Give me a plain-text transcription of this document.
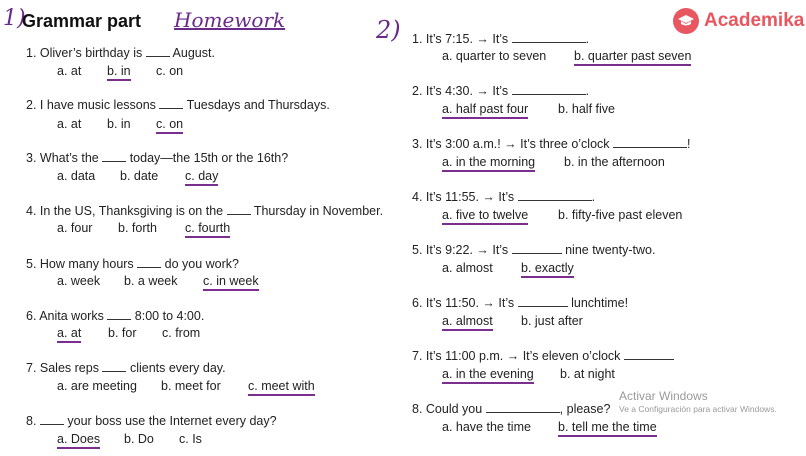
1)
Grammar part Homework	2)	Academika
1. Oliver’s birthday is August.
a. at b. in c. on
2. I have music lessons Tuesdays and Thursdays.
a. at b. in c. on
3. What’s the today—the 15th or the 16th?
a. data b. date c. day
4. In the US, Thanksgiving is on the Thursday in November.
a. four b. forth c. fourth
5. How many hours do you work?
a. week b. a week c. in week
6. Anita works 8:00 to 4:00.
a. at b. for c. from
7. Sales reps clients every day.
a. are meeting b. meet for c. meet with
8. your boss use the Internet every day?
a. Does b. Do c. Is
1. It’s 7:15. → It’s	.
a. quarter to seven b. quarter past seven
2. It’s 4:30. → It’s	.
a. half past four b. half five
3. It’s 3:00 a.m.! → It’s three o’clock	!
a. in the morning b. in the afternoon
4. It’s 11:55. → It’s	.
a. five to twelve b. fifty-five past eleven
5. It’s 9:22. → It’s	nine twenty-two.
a. almost b. exactly
6. It’s 11:50. → It’s	lunchtime!
a. almost b. just after
7. It’s 11:00 p.m. → It’s eleven o’clock
a. in the evening b. at night
8. Could you	, please?
a. have the time b. tell me the time
Activar Windows
Ve a Configuración para activar Windows.
